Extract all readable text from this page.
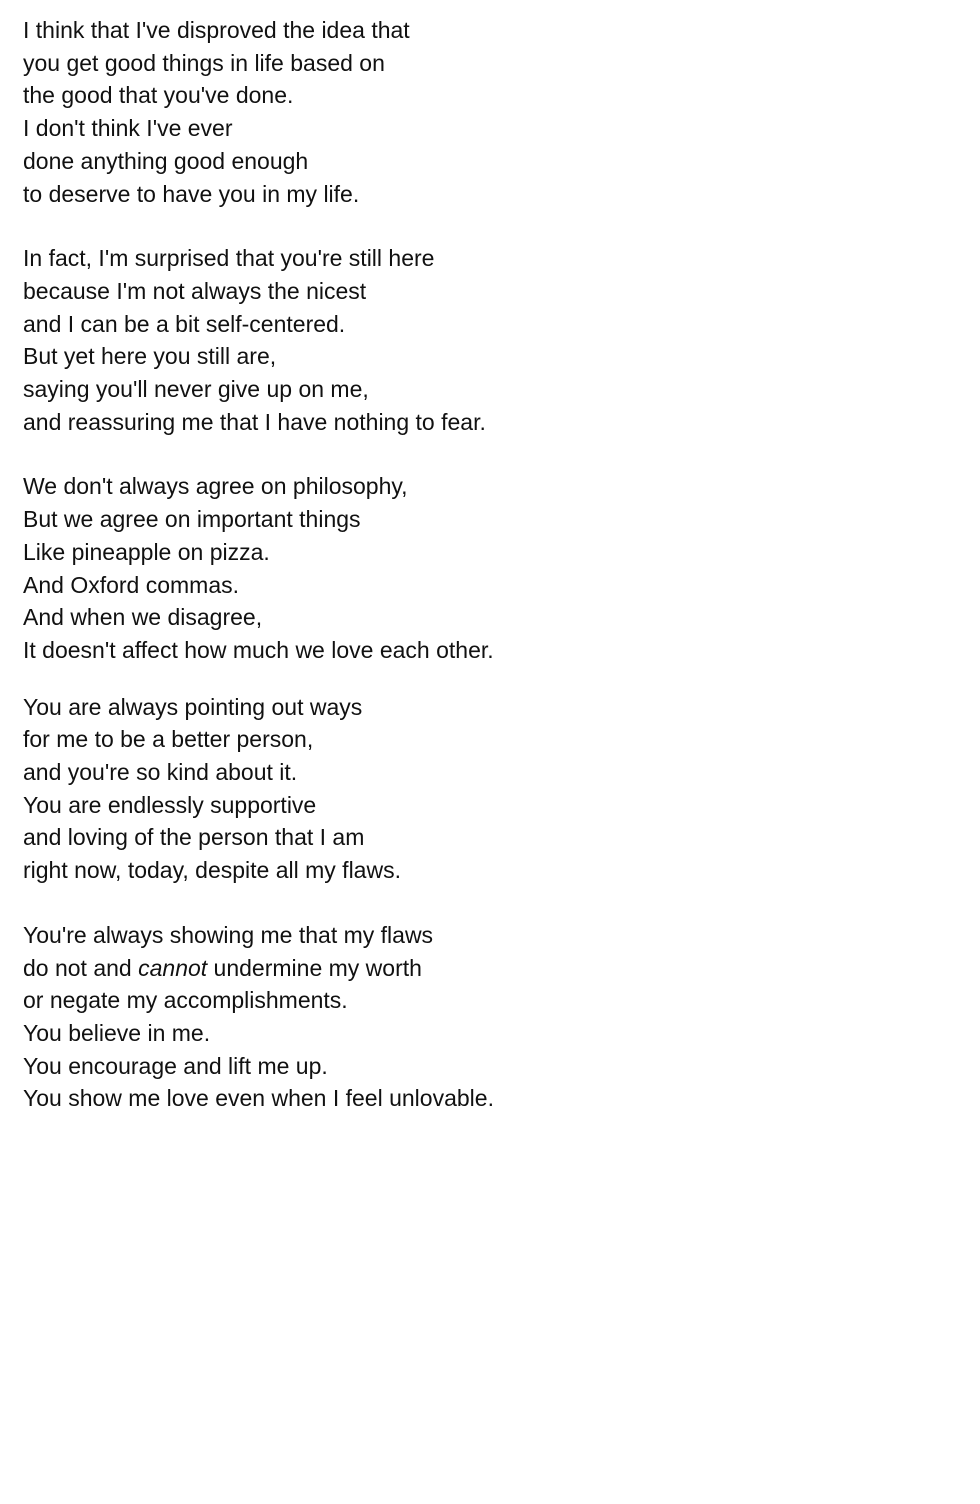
I think that I've disproved the idea that
you get good things in life based on
the good that you've done.
I don't think I've ever
done anything good enough
to deserve to have you in my life.
In fact, I'm surprised that you're still here
because I'm not always the nicest
and I can be a bit self-centered.
But yet here you still are,
saying you'll never give up on me,
and reassuring me that I have nothing to fear.
We don't always agree on philosophy,
But we agree on important things
Like pineapple on pizza.
And Oxford commas.
And when we disagree,
It doesn't affect how much we love each other.
You are always pointing out ways
for me to be a better person,
and you're so kind about it.
You are endlessly supportive
and loving of the person that I am
right now, today, despite all my flaws.
You're always showing me that my flaws
do not and cannot undermine my worth
or negate my accomplishments.
You believe in me.
You encourage and lift me up.
You show me love even when I feel unlovable.
